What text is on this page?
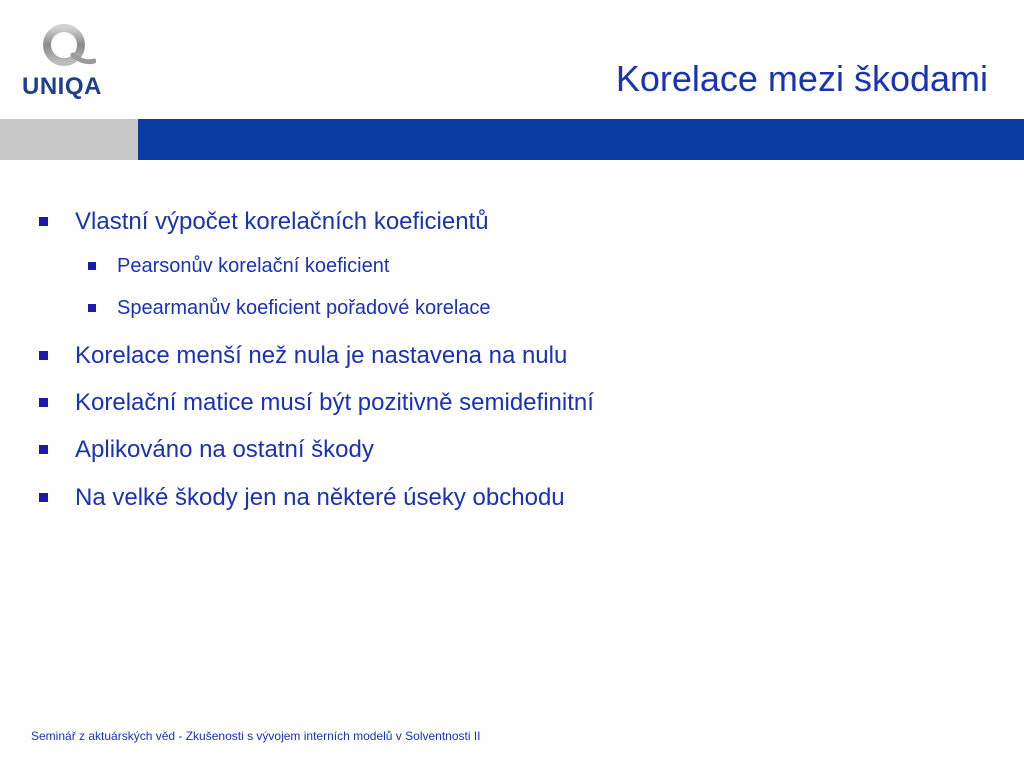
UNIQA	Korelace mezi škodami
Vlastní výpočet korelačních koeficientů
Pearsonův korelační koeficient
Spearmanův koeficient pořadové korelace
Korelace menší než nula je nastavena na nulu
Korelační matice musí být pozitivně semidefinitní
Aplikováno na ostatní škody
Na velké škody jen na některé úseky obchodu
Seminář z aktuárských věd - Zkušenosti s vývojem interních modelů v Solventnosti II
